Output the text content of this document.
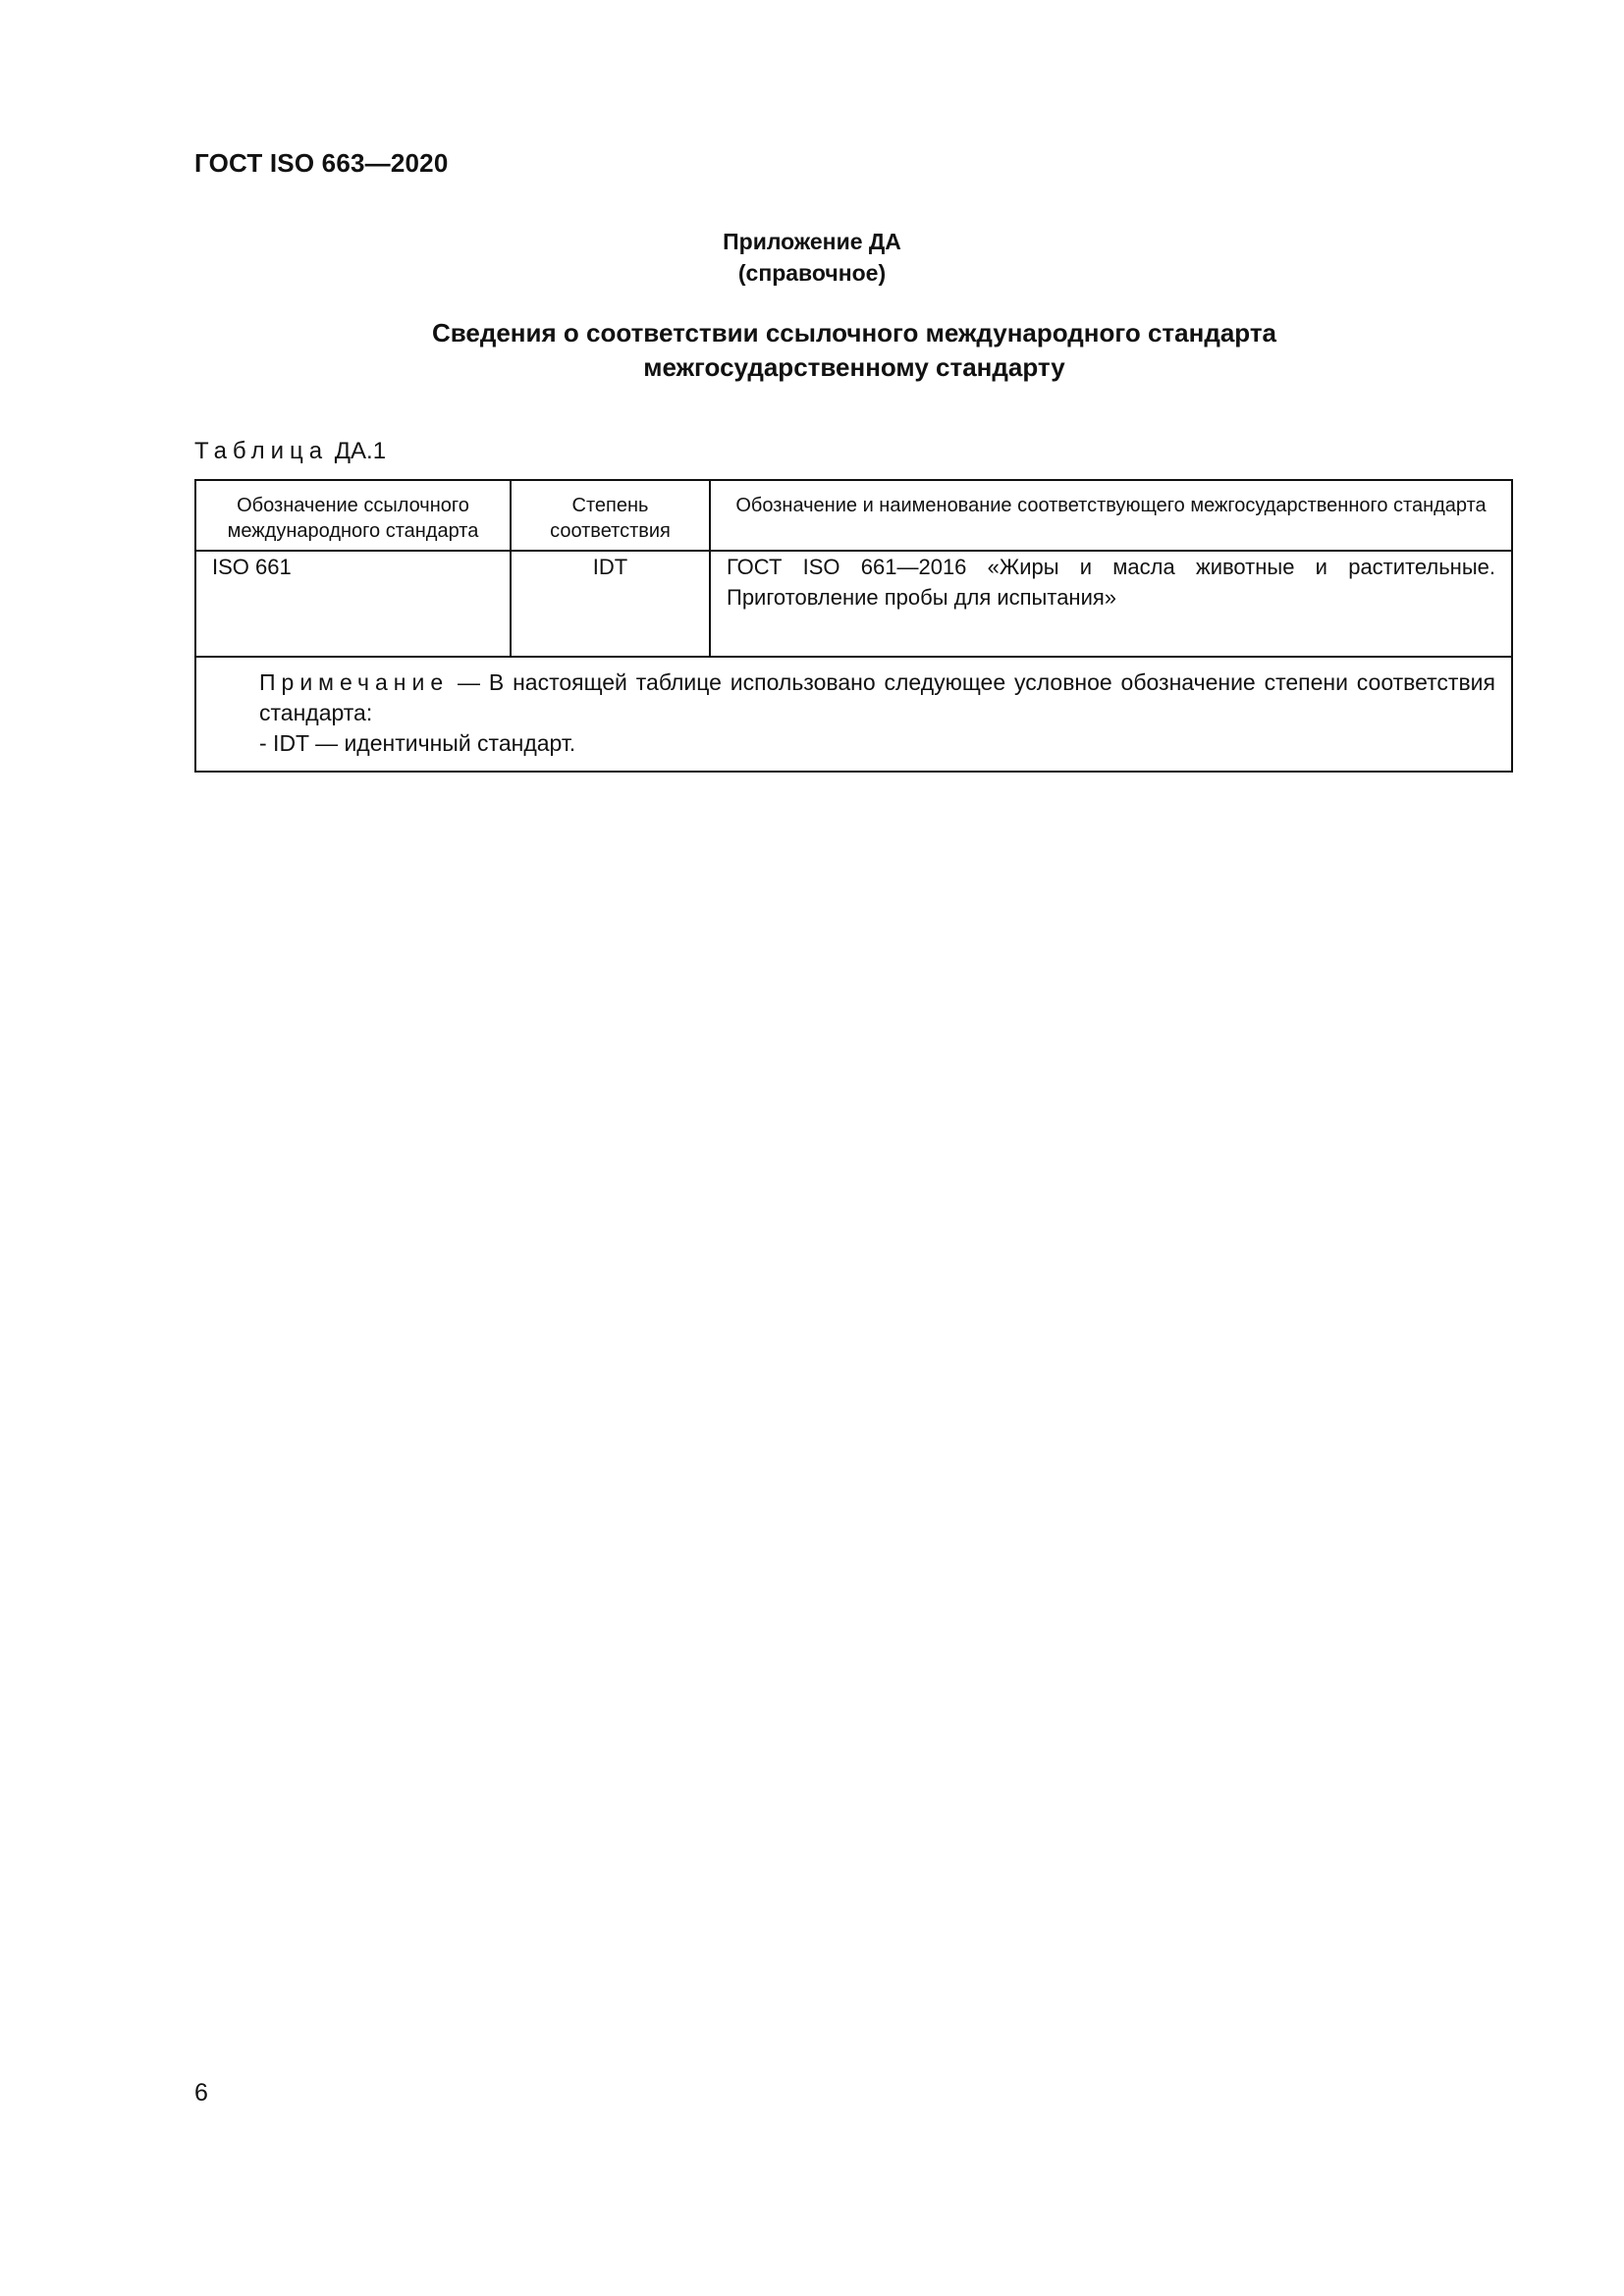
ГОСТ ISO 663—2020
Приложение ДА
(справочное)
Сведения о соответствии ссылочного международного стандарта
межгосударственному стандарту
Таблица ДА.1
Обозначение ссылочного международного стандарта	Степень соответствия	Обозначение и наименование соответствующего межгосударственного стандарта
ISO 661	IDT	ГОСТ ISO 661—2016 «Жиры и масла животные и растительные. Приготовление пробы для испытания»

Примечание — В настоящей таблице использовано следующее условное обозначение степени соответствия стандарта:
- IDT — идентичный стандарт.		
6
